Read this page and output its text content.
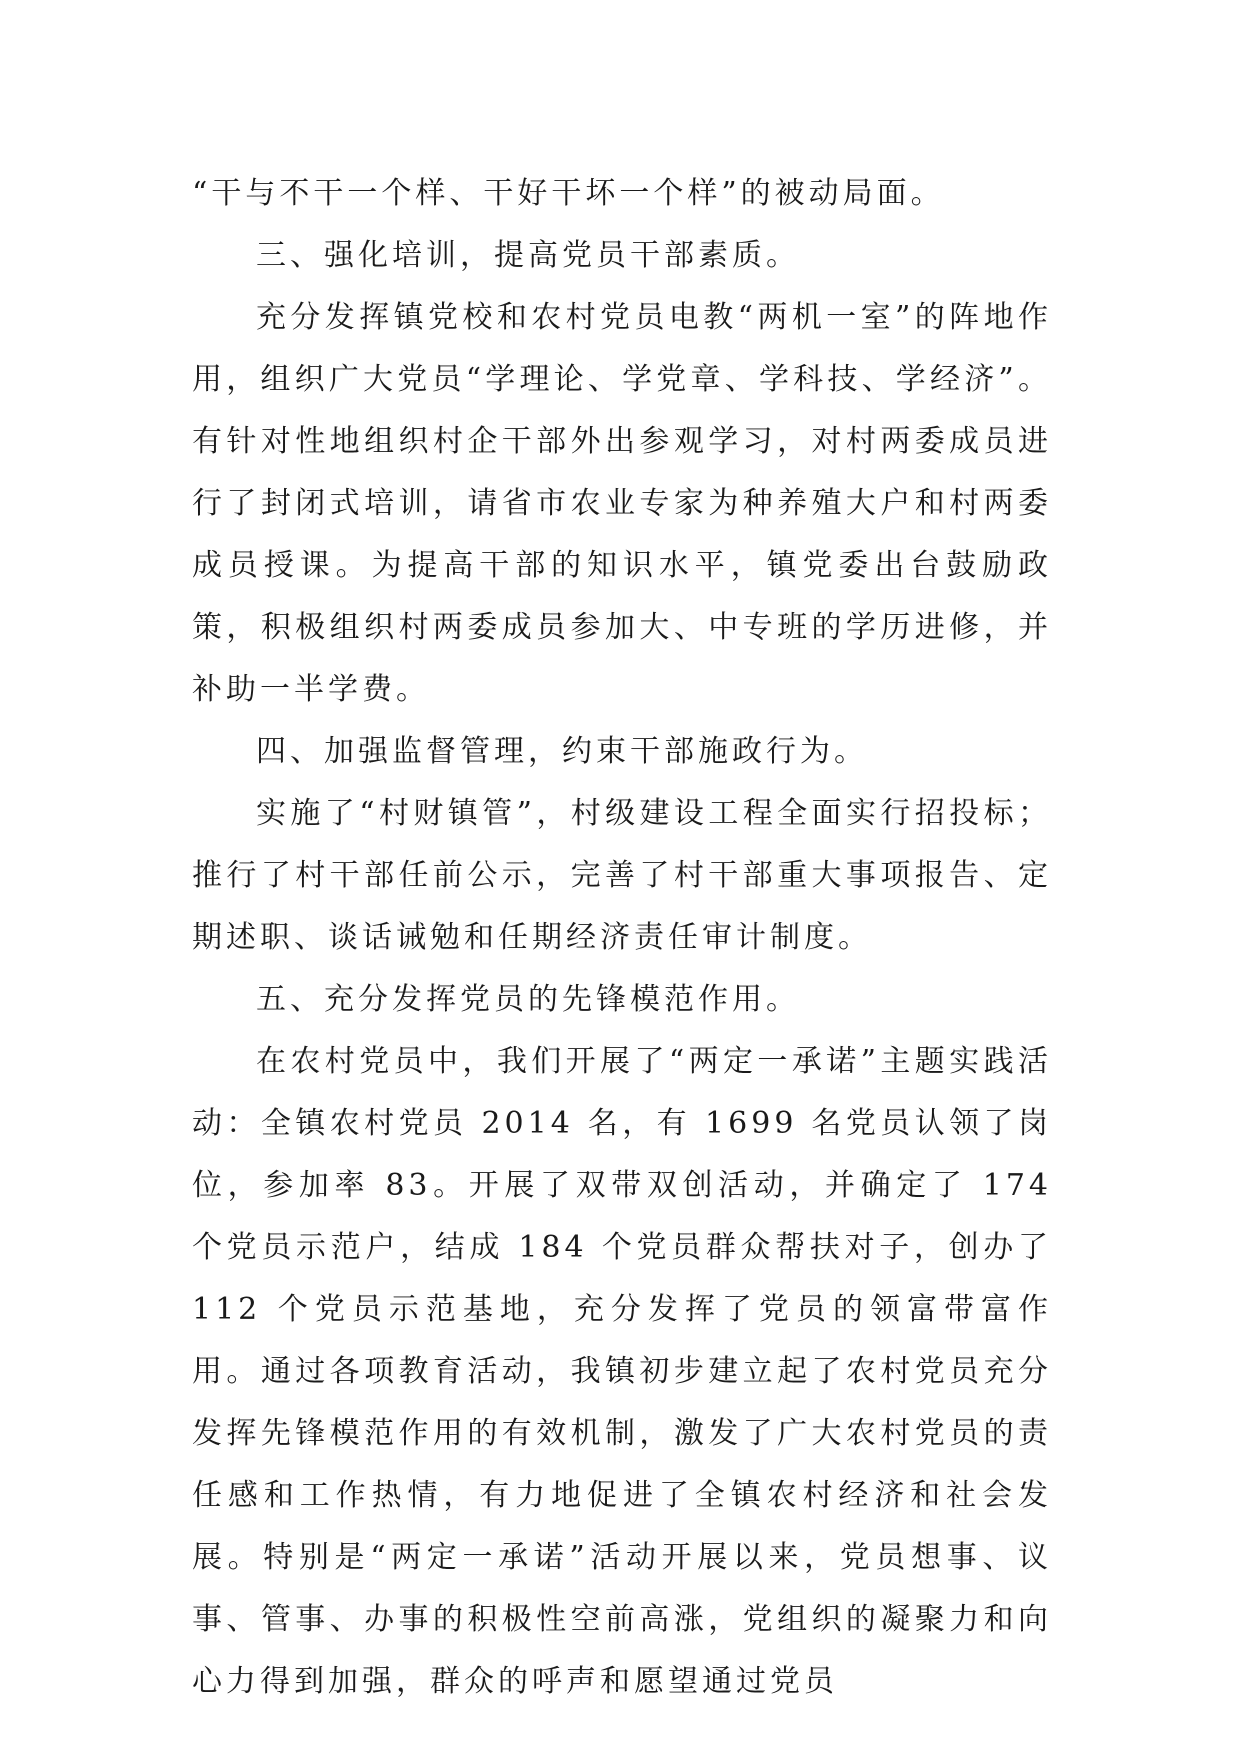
“干与不干一个样、干好干坏一个样”的被动局面。

三、强化培训，提高党员干部素质。

充分发挥镇党校和农村党员电教“两机一室”的阵地作用，组织广大党员“学理论、学党章、学科技、学经济”。有针对性地组织村企干部外出参观学习，对村两委成员进行了封闭式培训，请省市农业专家为种养殖大户和村两委成员授课。为提高干部的知识水平，镇党委出台鼓励政策，积极组织村两委成员参加大、中专班的学历进修，并补助一半学费。

四、加强监督管理，约束干部施政行为。

实施了“村财镇管”，村级建设工程全面实行招投标；推行了村干部任前公示，完善了村干部重大事项报告、定期述职、谈话诫勉和任期经济责任审计制度。

五、充分发挥党员的先锋模范作用。

在农村党员中，我们开展了“两定一承诺”主题实践活动：全镇农村党员 2014 名，有 1699 名党员认领了岗位，参加率 83。开展了双带双创活动，并确定了 174 个党员示范户，结成 184 个党员群众帮扶对子，创办了 112 个党员示范基地，充分发挥了党员的领富带富作用。通过各项教育活动，我镇初步建立起了农村党员充分发挥先锋模范作用的有效机制，激发了广大农村党员的责任感和工作热情，有力地促进了全镇农村经济和社会发展。特别是“两定一承诺”活动开展以来，党员想事、议事、管事、办事的积极性空前高涨，党组织的凝聚力和向心力得到加强，群众的呼声和愿望通过党员
